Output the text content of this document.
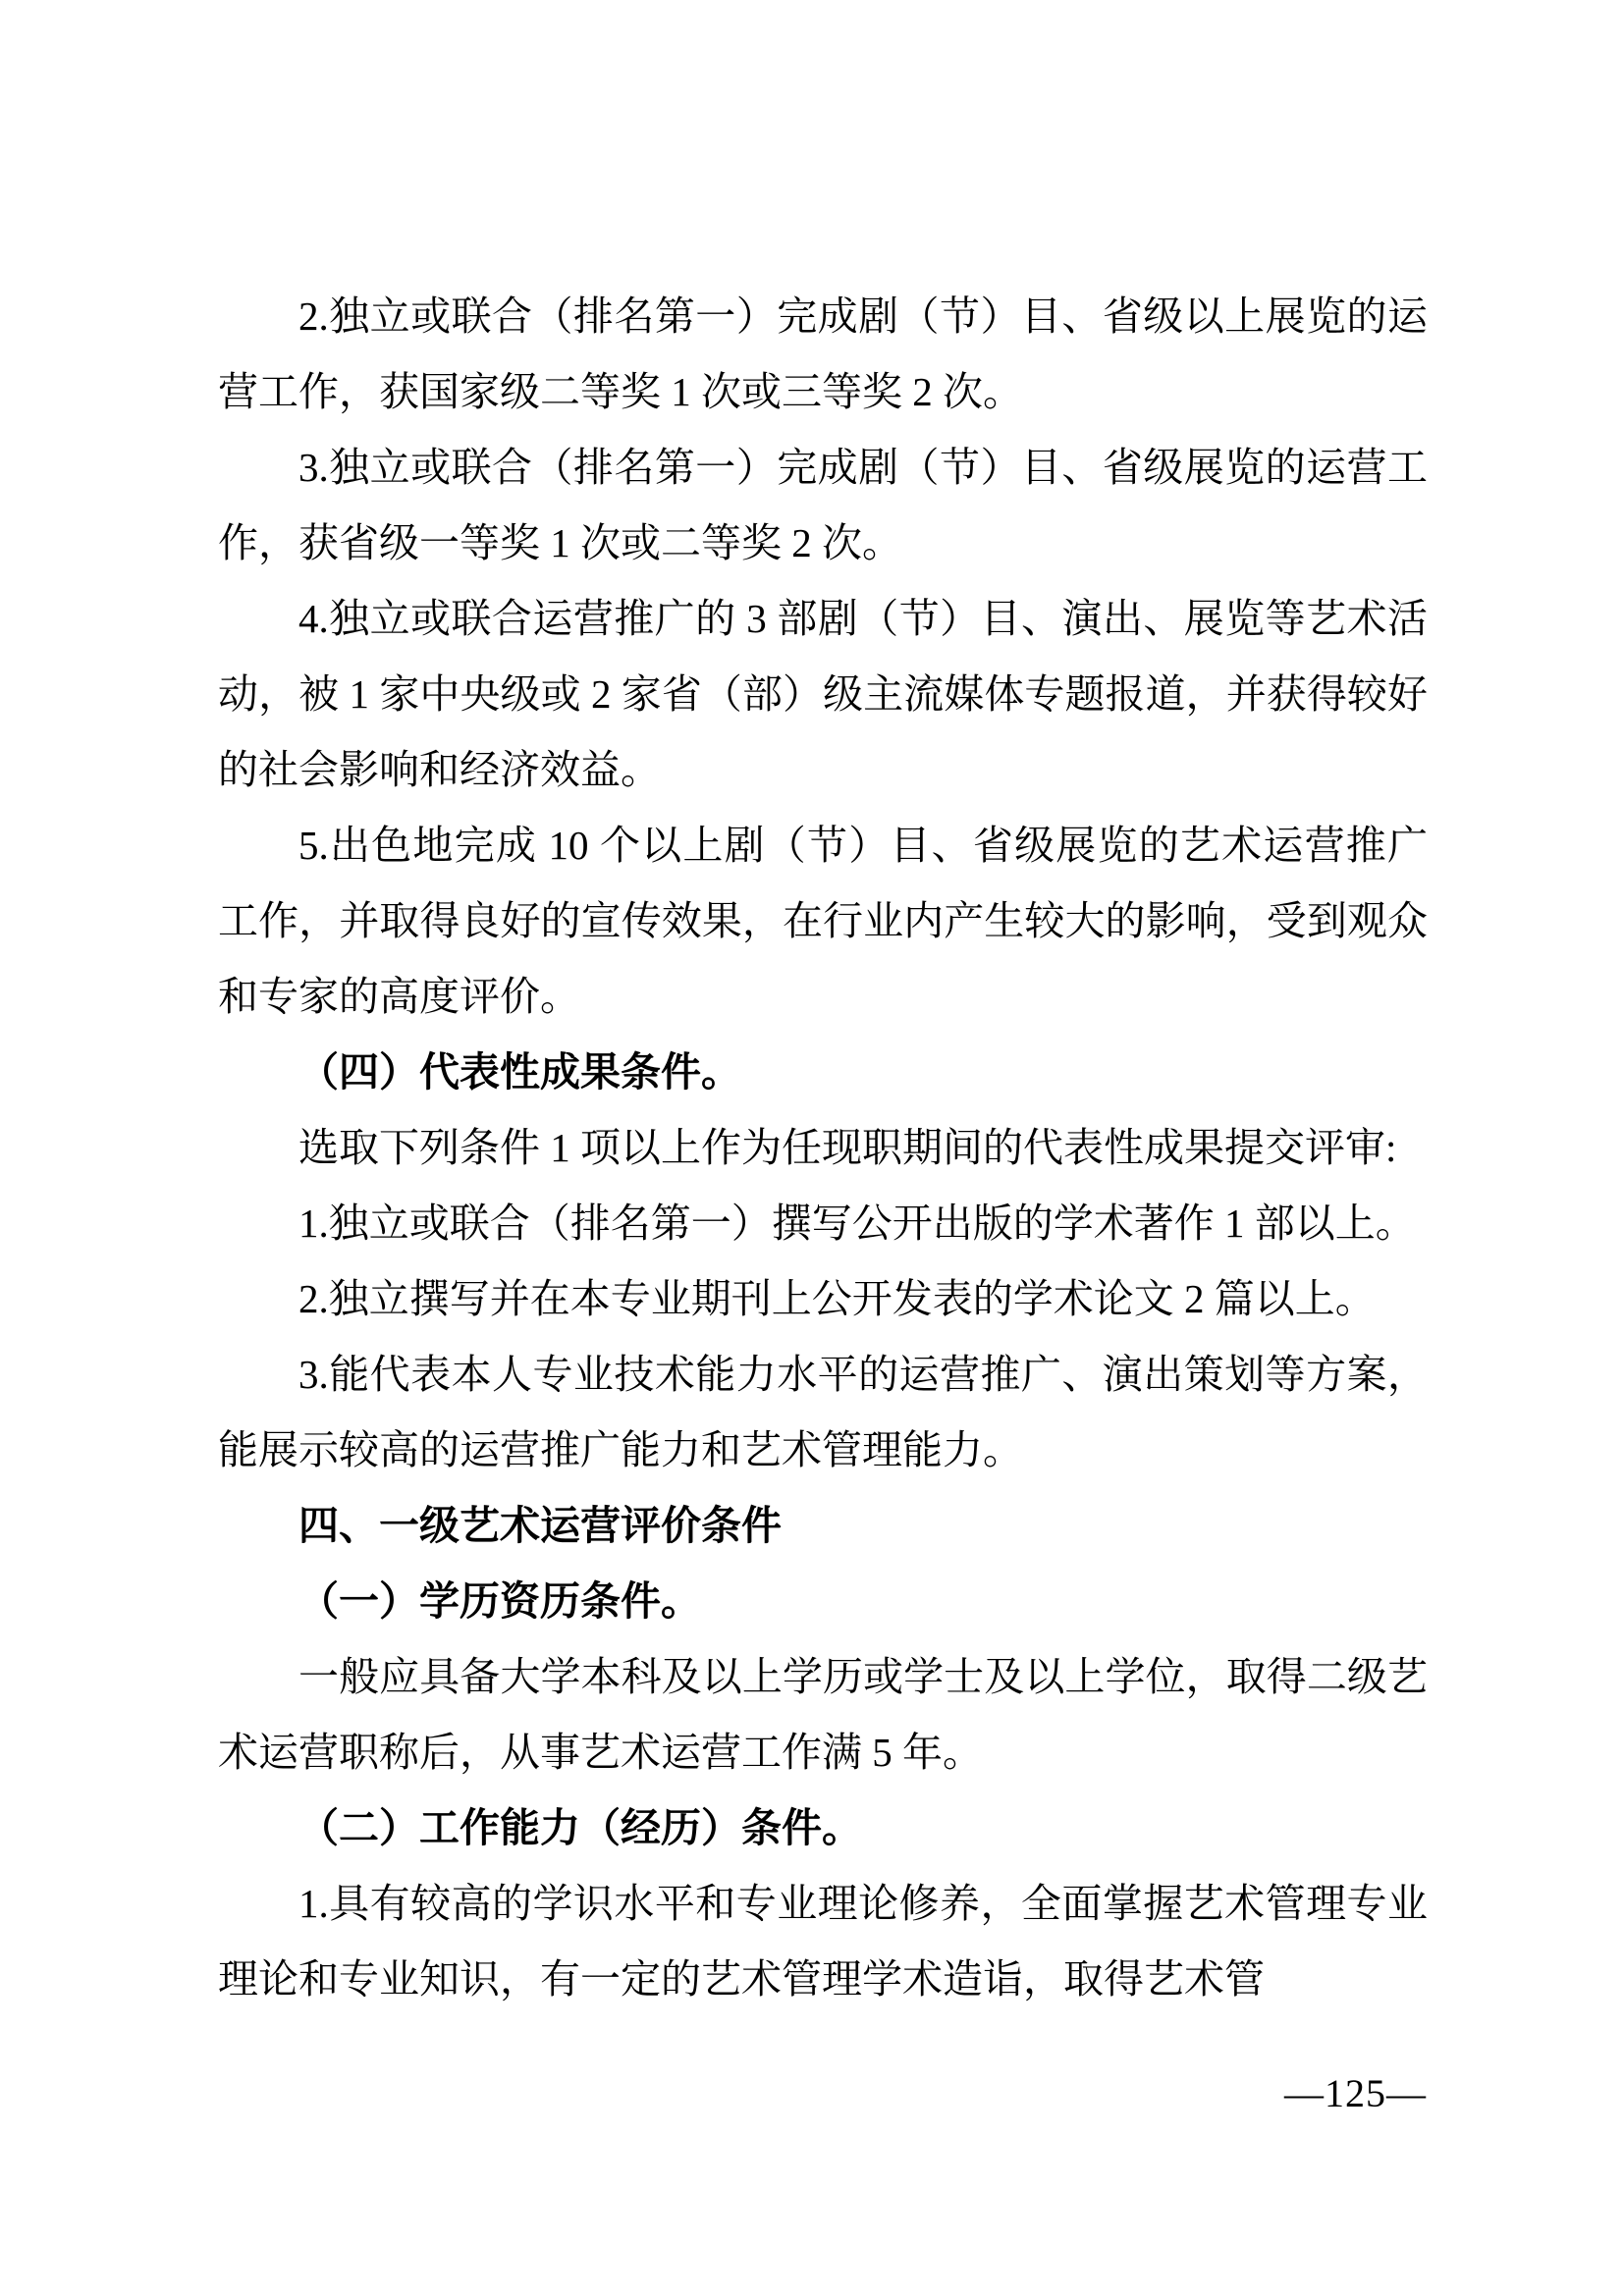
2.独立或联合（排名第一）完成剧（节）目、省级以上展览的运营工作，获国家级二等奖 1 次或三等奖 2 次。

3.独立或联合（排名第一）完成剧（节）目、省级展览的运营工作，获省级一等奖 1 次或二等奖 2 次。

4.独立或联合运营推广的 3 部剧（节）目、演出、展览等艺术活动，被 1 家中央级或 2 家省（部）级主流媒体专题报道，并获得较好的社会影响和经济效益。

5.出色地完成 10 个以上剧（节）目、省级展览的艺术运营推广工作，并取得良好的宣传效果，在行业内产生较大的影响，受到观众和专家的高度评价。

（四）代表性成果条件。

选取下列条件 1 项以上作为任现职期间的代表性成果提交评审:

1.独立或联合（排名第一）撰写公开出版的学术著作 1 部以上。

2.独立撰写并在本专业期刊上公开发表的学术论文 2 篇以上。

3.能代表本人专业技术能力水平的运营推广、演出策划等方案，能展示较高的运营推广能力和艺术管理能力。

四、一级艺术运营评价条件

（一）学历资历条件。

一般应具备大学本科及以上学历或学士及以上学位，取得二级艺术运营职称后，从事艺术运营工作满 5 年。

（二）工作能力（经历）条件。

1.具有较高的学识水平和专业理论修养，全面掌握艺术管理专业理论和专业知识，有一定的艺术管理学术造诣，取得艺术管

—125—
